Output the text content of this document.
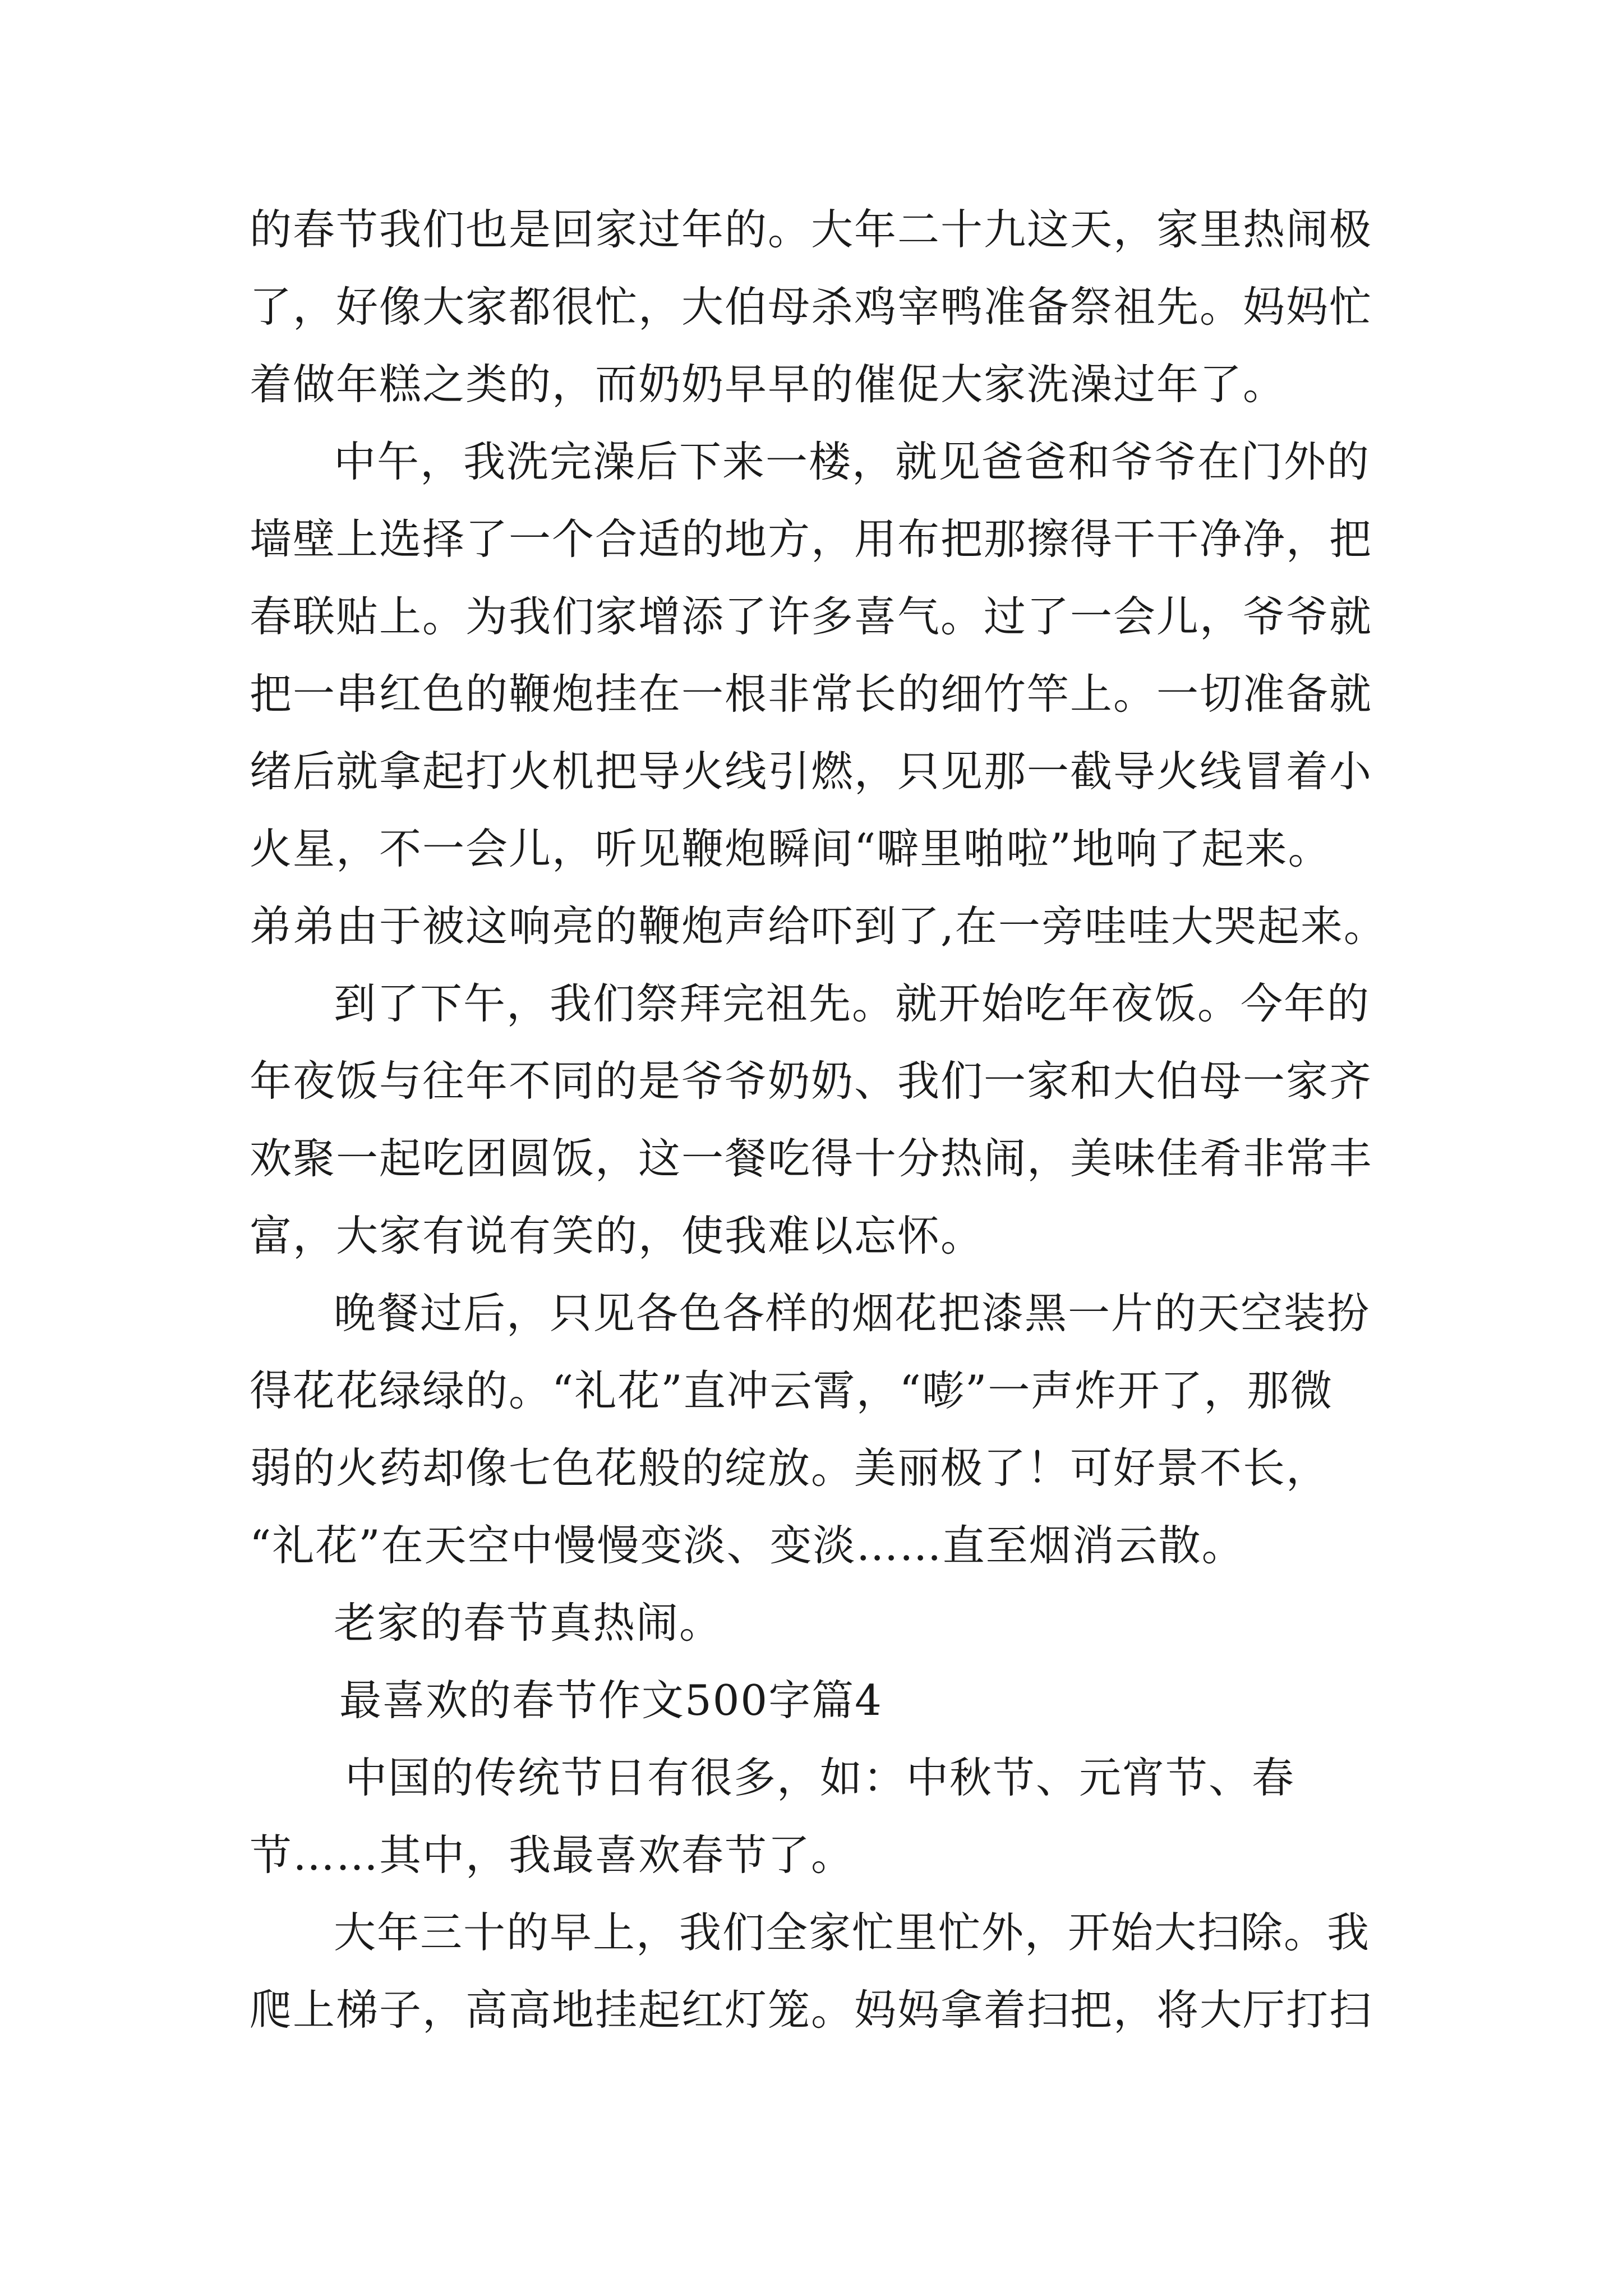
的春节我们也是回家过年的。大年二十九这天，家里热闹极
了，好像大家都很忙，大伯母杀鸡宰鸭准备祭祖先。妈妈忙
着做年糕之类的，而奶奶早早的催促大家洗澡过年了。
中午，我洗完澡后下来一楼，就见爸爸和爷爷在门外的
墙壁上选择了一个合适的地方，用布把那擦得干干净净，把
春联贴上。为我们家增添了许多喜气。过了一会儿，爷爷就
把一串红色的鞭炮挂在一根非常长的细竹竿上。一切准备就
绪后就拿起打火机把导火线引燃，只见那一截导火线冒着小
火星，不一会儿，听见鞭炮瞬间“噼里啪啦”地响了起来。
弟弟由于被这响亮的鞭炮声给吓到了,在一旁哇哇大哭起来。
到了下午，我们祭拜完祖先。就开始吃年夜饭。今年的
年夜饭与往年不同的是爷爷奶奶、我们一家和大伯母一家齐
欢聚一起吃团圆饭，这一餐吃得十分热闹，美味佳肴非常丰
富，大家有说有笑的，使我难以忘怀。
晚餐过后，只见各色各样的烟花把漆黑一片的天空装扮
得花花绿绿的。“礼花”直冲云霄，“嘭”一声炸开了，那微
弱的火药却像七色花般的绽放。美丽极了！可好景不长，
“礼花”在天空中慢慢变淡、变淡……直至烟消云散。
老家的春节真热闹。
最喜欢的春节作文500字篇4
中国的传统节日有很多，如：中秋节、元宵节、春
节……其中，我最喜欢春节了。
大年三十的早上，我们全家忙里忙外，开始大扫除。我
爬上梯子，高高地挂起红灯笼。妈妈拿着扫把，将大厅打扫
